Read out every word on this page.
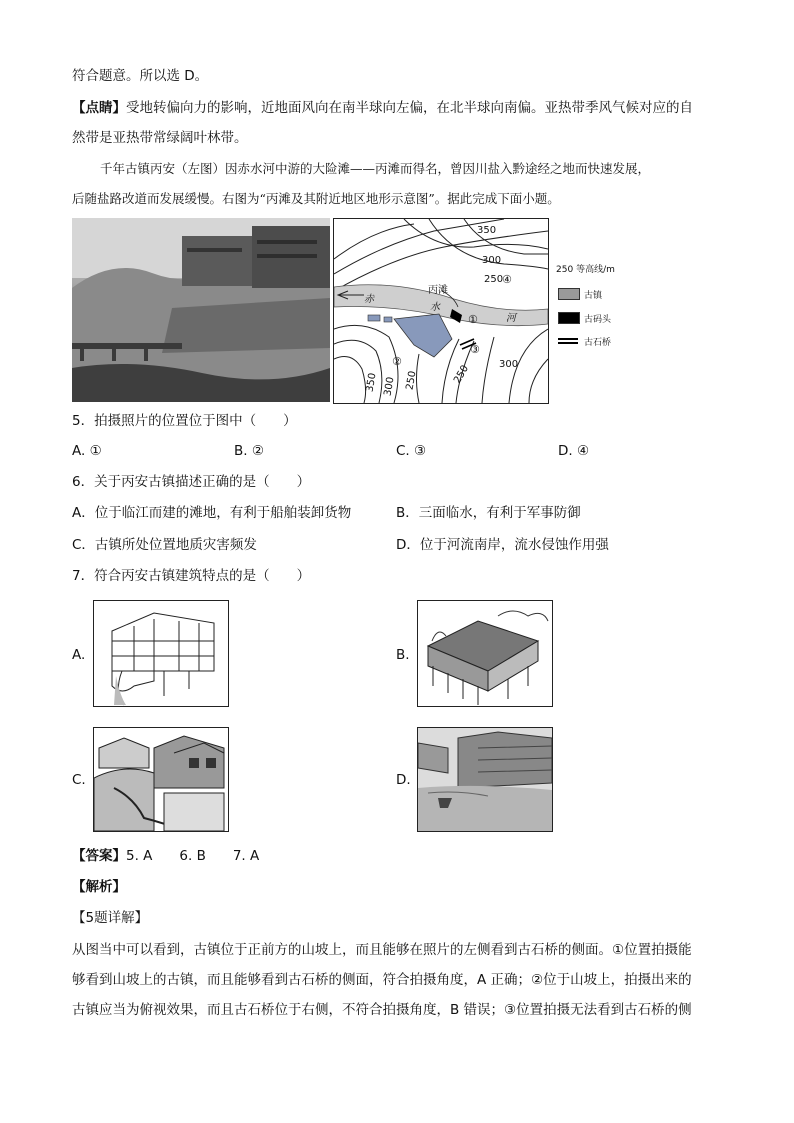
符合题意。所以选 D。
【点睛】受地转偏向力的影响，近地面风向在南半球向左偏，在北半球向南偏。亚热带季风气候对应的自
然带是亚热带常绿阔叶林带。
千年古镇丙安（左图）因赤水河中游的大险滩——丙滩而得名，曾因川盐入黔途经之地而快速发展，
后随盐路改道而发展缓慢。右图为“丙滩及其附近地区地形示意图”。据此完成下面小题。
350
300
250
④
赤
水
河
丙滩
①
②
③
350 300 250	250	300
250 等高线/m
古镇
古码头
古石桥
5．拍摄照片的位置位于图中（　　）
A. ①	B. ②	C. ③	D. ④
6．关于丙安古镇描述正确的是（　　）
A．位于临江而建的滩地，有利于船舶装卸货物	B．三面临水，有利于军事防御
C．古镇所处位置地质灾害频发	D．位于河流南岸，流水侵蚀作用强
7．符合丙安古镇建筑特点的是（　　）
A.	B.
C.	D.
【答案】5. A　　6. B　　7. A
【解析】
【5题详解】
从图当中可以看到，古镇位于正前方的山坡上，而且能够在照片的左侧看到古石桥的侧面。①位置拍摄能
够看到山坡上的古镇，而且能够看到古石桥的侧面，符合拍摄角度，A 正确；②位于山坡上，拍摄出来的
古镇应当为俯视效果，而且古石桥位于右侧，不符合拍摄角度，B 错误；③位置拍摄无法看到古石桥的侧
